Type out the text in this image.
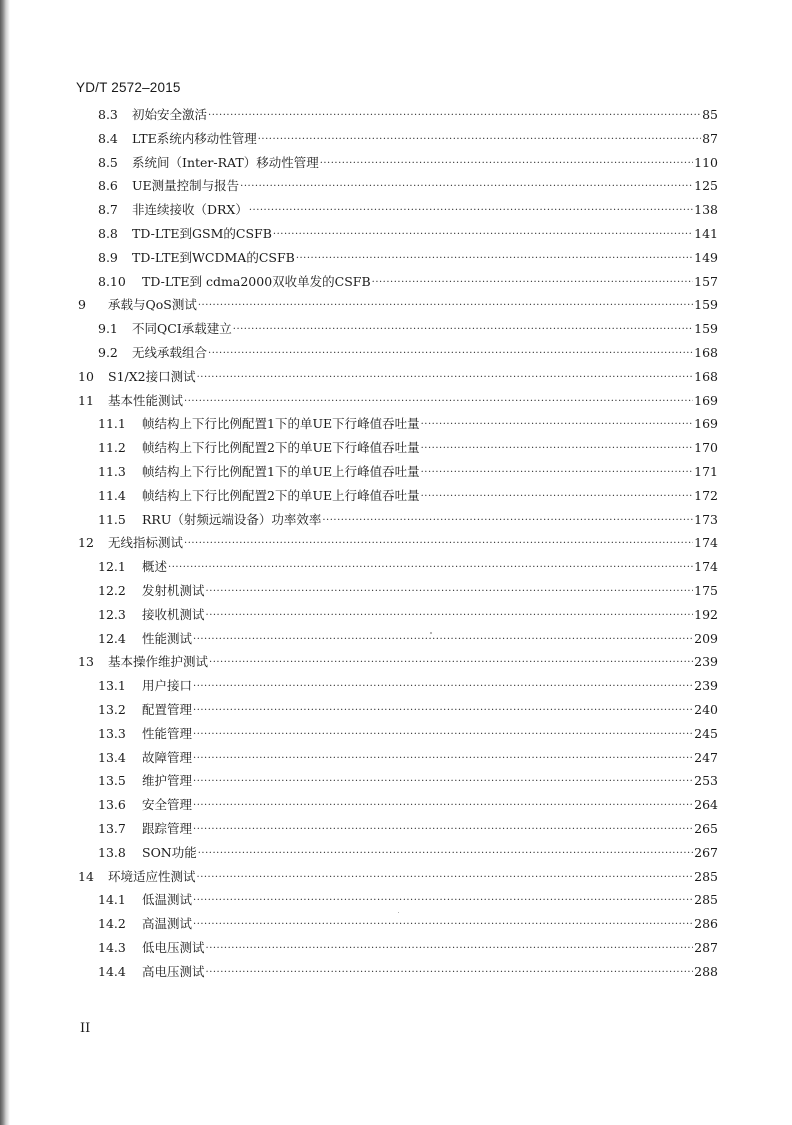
YD/T 2572–2015
8.3	初始安全激活 ·····	85
8.4	LTE系统内移动性管理 ·····	87
8.5	系统间（Inter-RAT）移动性管理 ·····	110
8.6	UE测量控制与报告 ·····	125
8.7	非连续接收（DRX） ·····	138
8.8	TD-LTE到GSM的CSFB ·····	141
8.9	TD-LTE到WCDMA的CSFB ·····	149
8.10	TD-LTE到 cdma2000双收单发的CSFB ·····	157
9	承载与QoS测试 ·····	159
9.1	不同QCI承载建立 ·····	159
9.2	无线承载组合 ·····	168
10	S1/X2接口测试 ·····	168
11	基本性能测试 ·····	169
11.1	帧结构上下行比例配置1下的单UE下行峰值吞吐量 ·····	169
11.2	帧结构上下行比例配置2下的单UE下行峰值吞吐量 ·····	170
11.3	帧结构上下行比例配置1下的单UE上行峰值吞吐量 ·····	171
11.4	帧结构上下行比例配置2下的单UE上行峰值吞吐量 ·····	172
11.5	RRU（射频远端设备）功率效率 ·····	173
12	无线指标测试 ·····	174
12.1	概述 ·····	174
12.2	发射机测试 ·····	175
12.3	接收机测试 ·····	192
12.4	性能测试 ·····	209
13	基本操作维护测试 ·····	239
13.1	用户接口 ·····	239
13.2	配置管理 ·····	240
13.3	性能管理 ·····	245
13.4	故障管理 ·····	247
13.5	维护管理 ·····	253
13.6	安全管理 ·····	264
13.7	跟踪管理 ·····	265
13.8	SON功能 ·····	267
14	环境适应性测试 ·····	285
14.1	低温测试 ·····	285
14.2	高温测试 ·····	286
14.3	低电压测试 ·····	287
14.4	高电压测试 ·····	288
II
